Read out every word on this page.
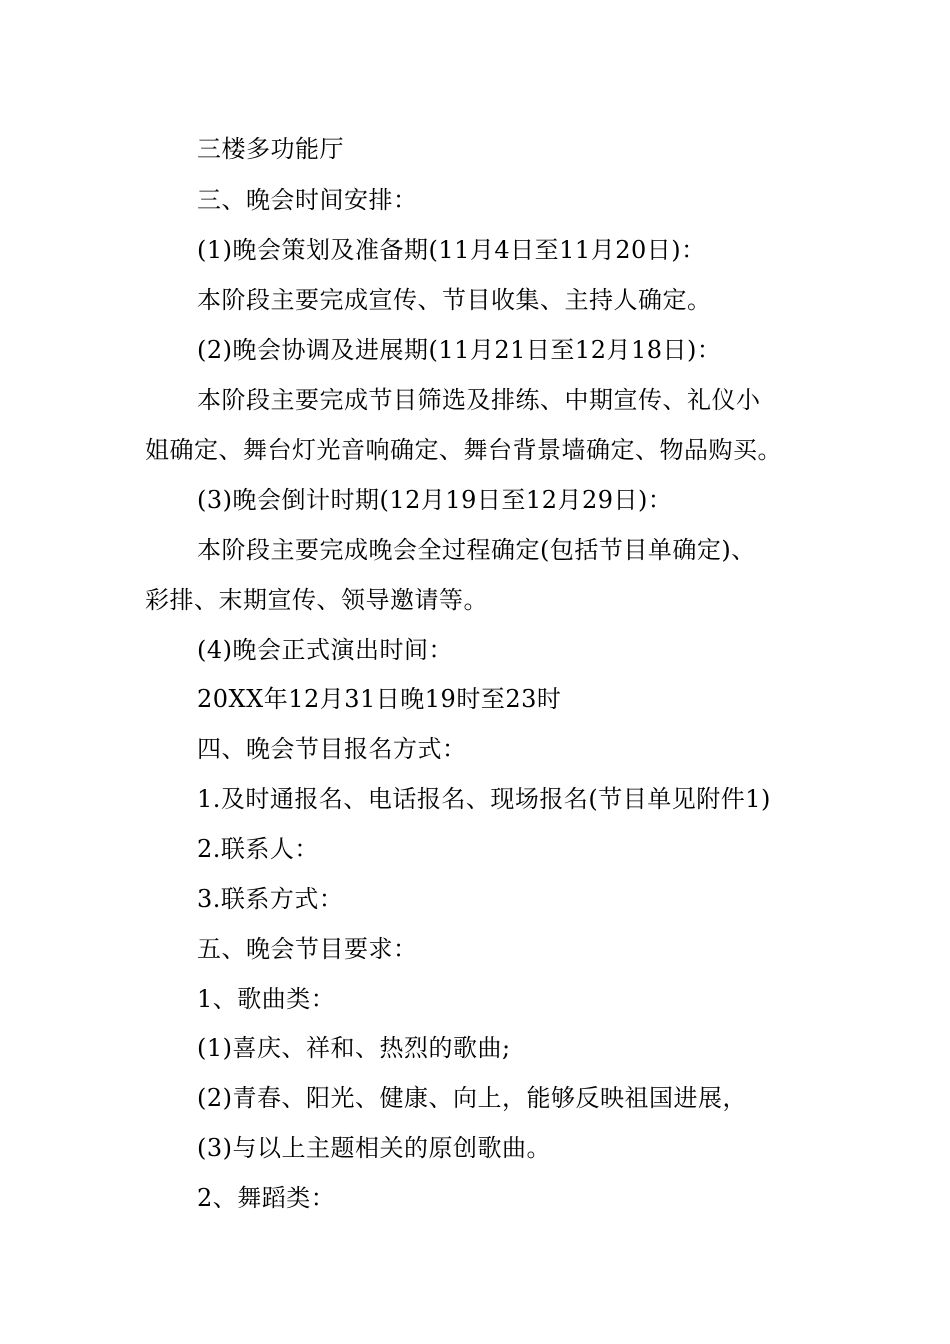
三楼多功能厅
三、晚会时间安排：
(1)晚会策划及准备期(11月4日至11月20日)：
本阶段主要完成宣传、节目收集、主持人确定。
(2)晚会协调及进展期(11月21日至12月18日)：
本阶段主要完成节目筛选及排练、中期宣传、礼仪小
姐确定、舞台灯光音响确定、舞台背景墙确定、物品购买。
(3)晚会倒计时期(12月19日至12月29日)：
本阶段主要完成晚会全过程确定(包括节目单确定)、
彩排、末期宣传、领导邀请等。
(4)晚会正式演出时间：
20XX年12月31日晚19时至23时
四、晚会节目报名方式：
1.及时通报名、电话报名、现场报名(节目单见附件1)
2.联系人：
3.联系方式：
五、晚会节目要求：
1、歌曲类：
(1)喜庆、祥和、热烈的歌曲;
(2)青春、阳光、健康、向上，能够反映祖国进展，
(3)与以上主题相关的原创歌曲。
2、舞蹈类：
